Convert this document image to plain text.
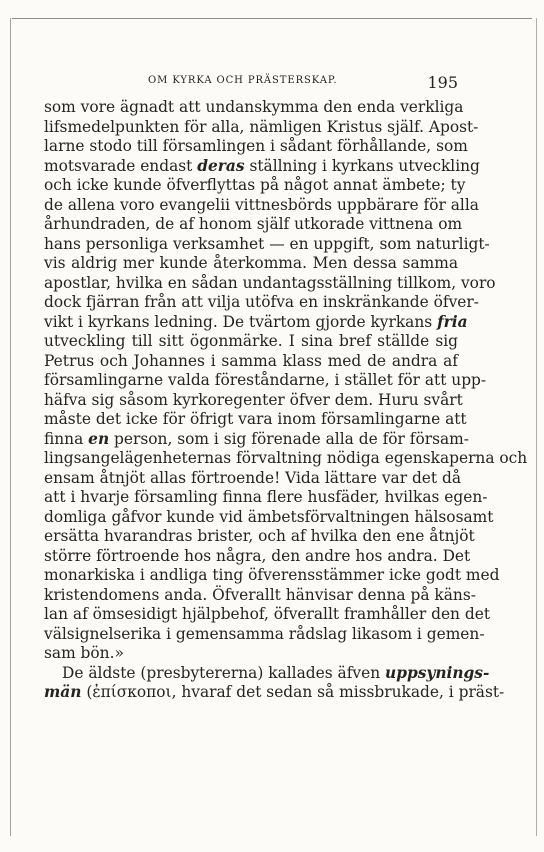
OM KYRKA OCH PRÄSTERSKAP.	195
som vore ägnadt att undanskymma den enda verkliga
lifsmedelpunkten för alla, nämligen Kristus själf. Apost-
larne stodo till församlingen i sådant förhållande, som
motsvarade endast deras ställning i kyrkans utveckling
och icke kunde öfverflyttas på något annat ämbete; ty
de allena voro evangelii vittnesbörds uppbärare för alla
århundraden, de af honom själf utkorade vittnena om
hans personliga verksamhet — en uppgift, som naturligt-
vis aldrig mer kunde återkomma. Men dessa samma
apostlar, hvilka en sådan undantagsställning tillkom, voro
dock fjärran från att vilja utöfva en inskränkande öfver-
vikt i kyrkans ledning. De tvärtom gjorde kyrkans fria
utveckling till sitt ögonmärke. I sina bref ställde sig
Petrus och Johannes i samma klass med de andra af
församlingarne valda föreståndarne, i stället för att upp-
häfva sig såsom kyrkoregenter öfver dem. Huru svårt
måste det icke för öfrigt vara inom församlingarne att
finna en person, som i sig förenade alla de för försam-
lingsangelägenheternas förvaltning nödiga egenskaperna och
ensam åtnjöt allas förtroende! Vida lättare var det då
att i hvarje församling finna flere husfäder, hvilkas egen-
domliga gåfvor kunde vid ämbetsförvaltningen hälsosamt
ersätta hvarandras brister, och af hvilka den ene åtnjöt
större förtroende hos några, den andre hos andra. Det
monarkiska i andliga ting öfverensstämmer icke godt med
kristendomens anda. Öfverallt hänvisar denna på käns-
lan af ömsesidigt hjälpbehof, öfverallt framhåller den det
välsignelserika i gemensamma rådslag likasom i gemen-
sam bön.»
De äldste (presbytererna) kallades äfven uppsynings-
män (ἐπίσκοποι, hvaraf det sedan så missbrukade, i präst-
